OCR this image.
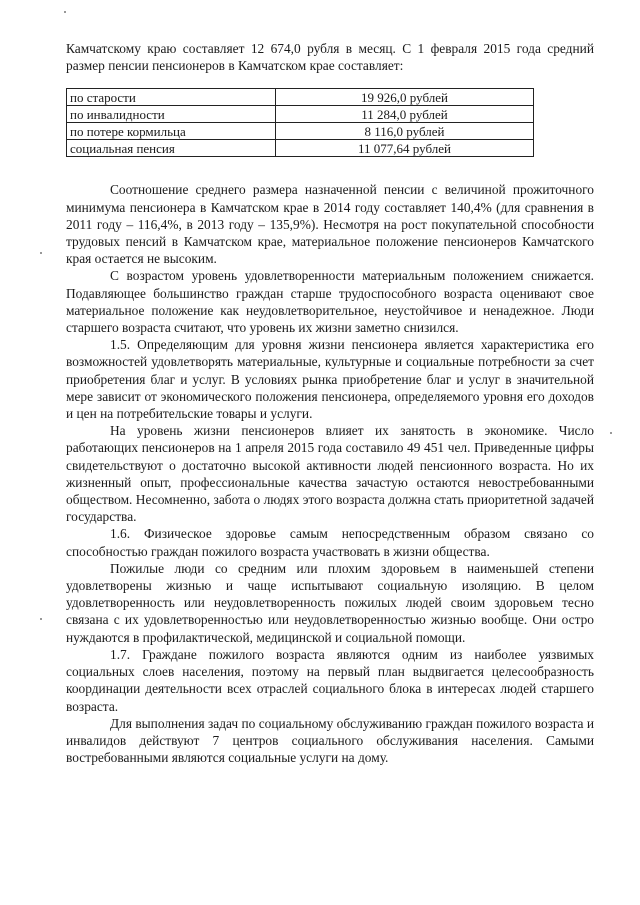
Камчатскому краю составляет 12 674,0 рубля в месяц. С 1 февраля 2015 года средний размер пенсии пенсионеров в Камчатском крае составляет:

по старости	19 926,0 рублей
по инвалидности	11 284,0 рублей
по потере кормильца	8 116,0 рублей
социальная пенсия	11 077,64 рублей

Соотношение среднего размера назначенной пенсии с величиной прожиточного минимума пенсионера в Камчатском крае в 2014 году составляет 140,4% (для сравнения в 2011 году – 116,4%, в 2013 году – 135,9%). Несмотря на рост покупательной способности трудовых пенсий в Камчатском крае, материальное положение пенсионеров Камчатского края остается не высоким.

С возрастом уровень удовлетворенности материальным положением снижается. Подавляющее большинство граждан старше трудоспособного возраста оценивают свое материальное положение как неудовлетворительное, неустойчивое и ненадежное. Люди старшего возраста считают, что уровень их жизни заметно снизился.

1.5. Определяющим для уровня жизни пенсионера является характеристика его возможностей удовлетворять материальные, культурные и социальные потребности за счет приобретения благ и услуг. В условиях рынка приобретение благ и услуг в значительной мере зависит от экономического положения пенсионера, определяемого уровня его доходов и цен на потребительские товары и услуги.

На уровень жизни пенсионеров влияет их занятость в экономике. Число работающих пенсионеров на 1 апреля 2015 года составило 49 451 чел. Приведенные цифры свидетельствуют о достаточно высокой активности людей пенсионного возраста. Но их жизненный опыт, профессиональные качества зачастую остаются невостребованными обществом. Несомненно, забота о людях этого возраста должна стать приоритетной задачей государства.

1.6. Физическое здоровье самым непосредственным образом связано со способностью граждан пожилого возраста участвовать в жизни общества.

Пожилые люди со средним или плохим здоровьем в наименьшей степени удовлетворены жизнью и чаще испытывают социальную изоляцию. В целом удовлетворенность или неудовлетворенность пожилых людей своим здоровьем тесно связана с их удовлетворенностью или неудовлетворенностью жизнью вообще. Они остро нуждаются в профилактической, медицинской и социальной помощи.

1.7. Граждане пожилого возраста являются одним из наиболее уязвимых социальных слоев населения, поэтому на первый план выдвигается целесообразность координации деятельности всех отраслей социального блока в интересах людей старшего возраста.

Для выполнения задач по социальному обслуживанию граждан пожилого возраста и инвалидов действуют 7 центров социального обслуживания населения. Самыми востребованными являются социальные услуги на дому.
